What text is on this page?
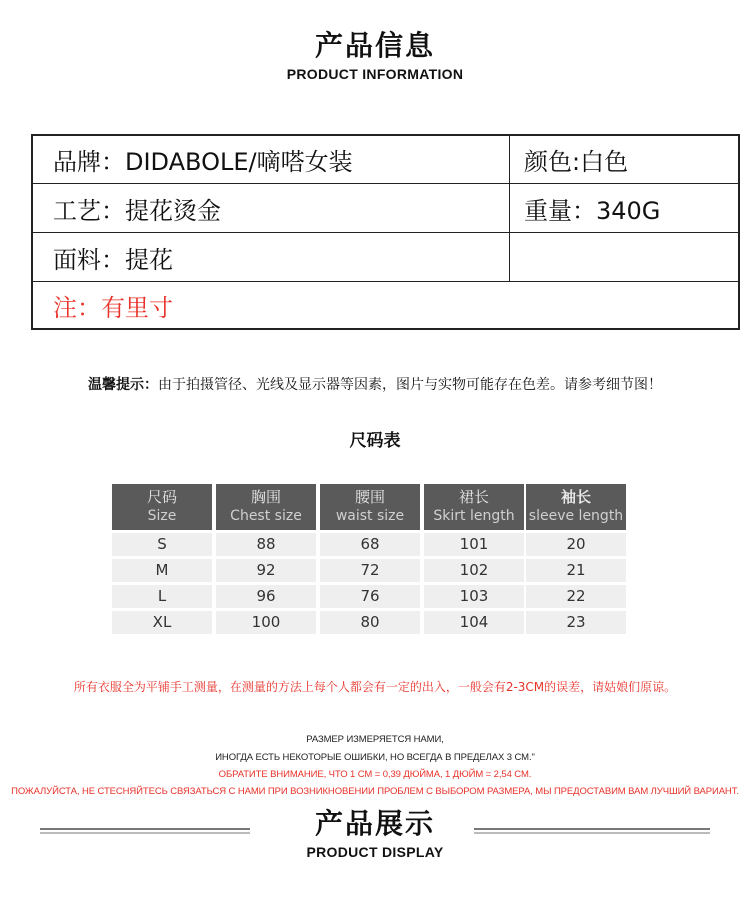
产品信息
PRODUCT INFORMATION
品牌：DIDABOLE/嘀嗒女装	颜色:白色
工艺：提花烫金	重量：340G
面料：提花
注：有里寸
温馨提示：由于拍摄管径、光线及显示器等因素，图片与实物可能存在色差。请参考细节图！
尺码表
尺码
Size
S
M
L
XL
胸围
Chest size
88
92
96
100
腰围
waist size
68
72
76
80
裙长
Skirt length
101
102
103
104
袖长
sleeve length
20
21
22
23
所有衣服全为平铺手工测量，在测量的方法上每个人都会有一定的出入，一般会有2-3CM的误差，请姑娘们原谅。
РАЗМЕР ИЗМЕРЯЕТСЯ НАМИ,
ИНОГДА ЕСТЬ НЕКОТОРЫЕ ОШИБКИ, НО ВСЕГДА В ПРЕДЕЛАХ 3 СМ."
ОБРАТИТЕ ВНИМАНИЕ, ЧТО 1 СМ = 0,39 ДЮЙМА, 1 ДЮЙМ = 2,54 СМ.
ПОЖАЛУЙСТА, НЕ СТЕСНЯЙТЕСЬ СВЯЗАТЬСЯ С НАМИ ПРИ ВОЗНИКНОВЕНИИ ПРОБЛЕМ С ВЫБОРОМ РАЗМЕРА, МЫ ПРЕДОСТАВИМ ВАМ ЛУЧШИЙ ВАРИАНТ.
产品展示
PRODUCT DISPLAY
